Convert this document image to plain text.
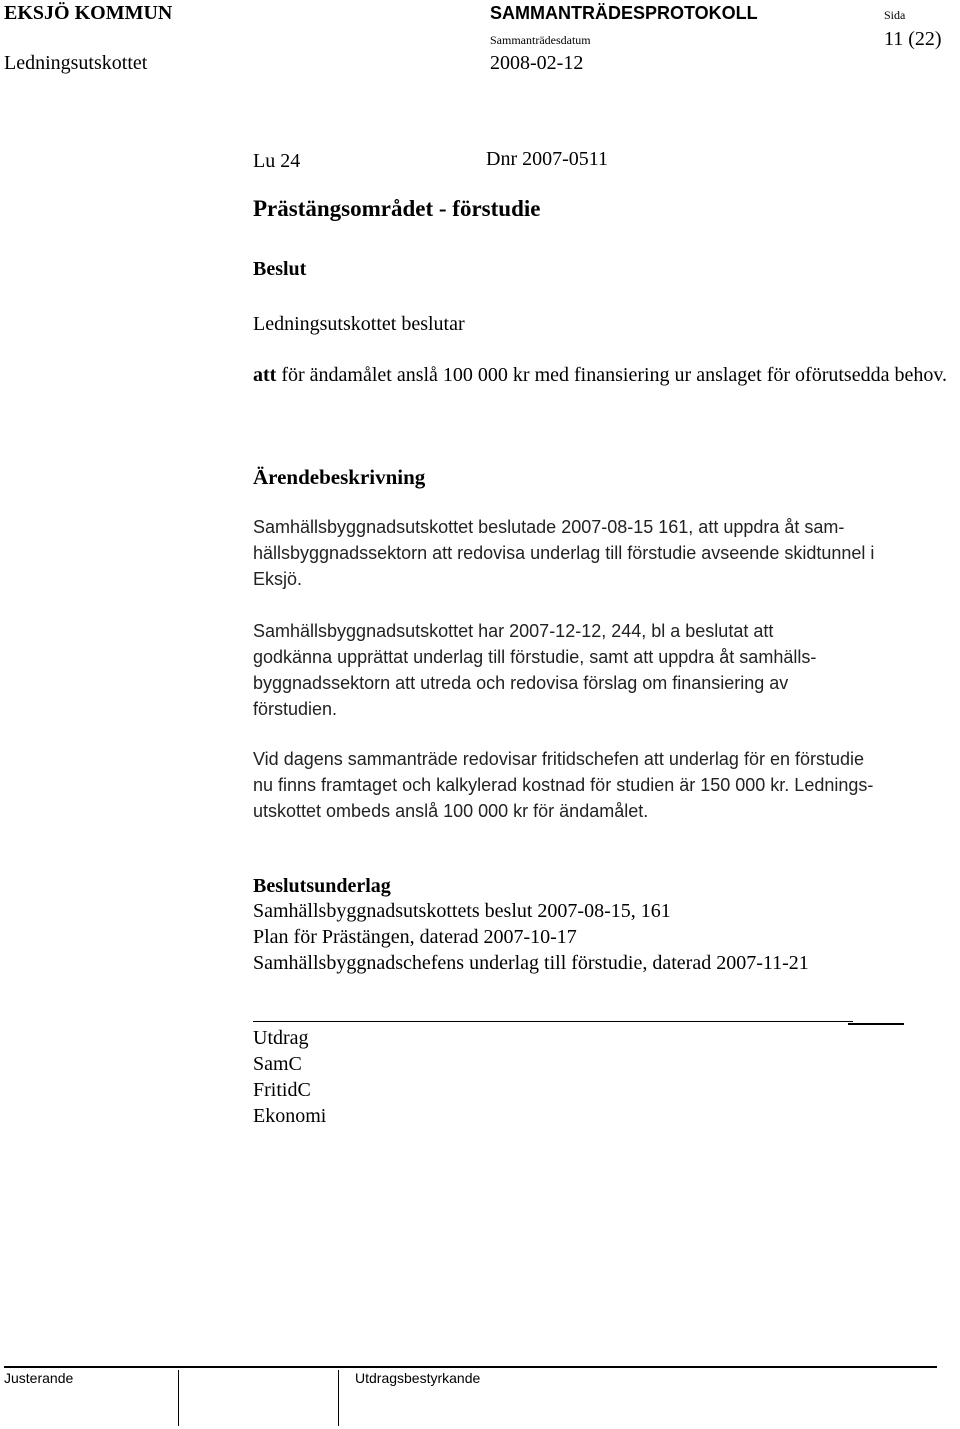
EKSJÖ KOMMUN	SAMMANTRÄDESPROTOKOLL	Sida
11 (22)
Ledningsutskottet
Sammanträdesdatum
2008-02-12
Lu 24	Dnr 2007-0511
Prästängsområdet - förstudie
Beslut
Ledningsutskottet beslutar
att för ändamålet anslå 100 000 kr med finansiering ur anslaget för oförutsedda behov.
Ärendebeskrivning
Samhällsbyggnadsutskottet beslutade 2007-08-15 161, att uppdra åt sam-
hällsbyggnadssektorn att redovisa underlag till förstudie avseende skidtunnel i
Eksjö.
Samhällsbyggnadsutskottet har 2007-12-12, 244, bl a beslutat att
godkänna upprättat underlag till förstudie, samt att uppdra åt samhälls-
byggnadssektorn att utreda och redovisa förslag om finansiering av
förstudien.
Vid dagens sammanträde redovisar fritidschefen att underlag för en förstudie
nu finns framtaget och kalkylerad kostnad för studien är 150 000 kr. Lednings-
utskottet ombeds anslå 100 000 kr för ändamålet.
Beslutsunderlag
Samhällsbyggnadsutskottets beslut 2007-08-15, 161
Plan för Prästängen, daterad 2007-10-17
Samhällsbyggnadschefens underlag till förstudie, daterad 2007-11-21
Utdrag
SamC
FritidC
Ekonomi
Justerande	Utdragsbestyrkande
